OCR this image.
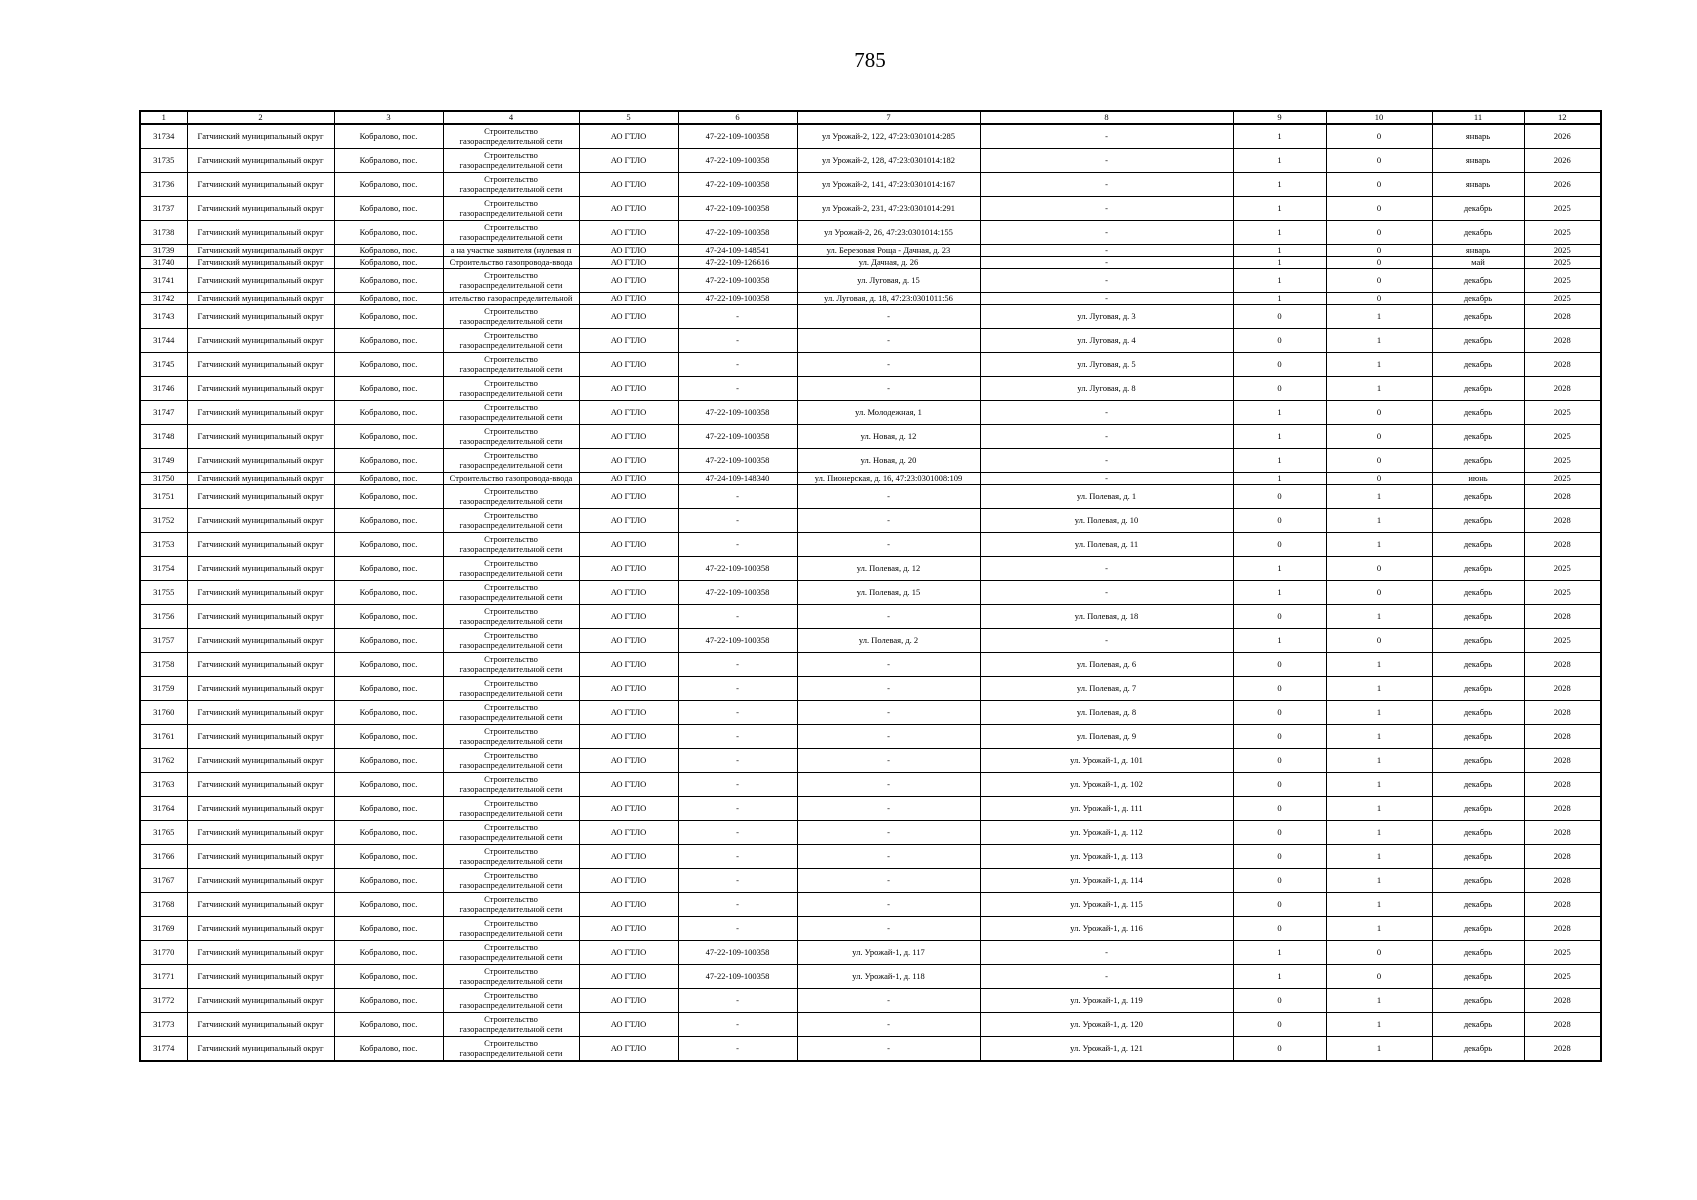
785
1	2	3	4	5	6	7	8	9	10	11	12
31734	Гатчинский муниципальный округ	Кобралово, пос.	Строительство газораспределительной сети	АО ГТЛО	47-22-109-100358	ул Урожай-2, 122, 47:23:0301014:285	-	1	0	январь	2026
31735	Гатчинский муниципальный округ	Кобралово, пос.	Строительство газораспределительной сети	АО ГТЛО	47-22-109-100358	ул Урожай-2, 128, 47:23:0301014:182	-	1	0	январь	2026
31736	Гатчинский муниципальный округ	Кобралово, пос.	Строительство газораспределительной сети	АО ГТЛО	47-22-109-100358	ул Урожай-2, 141, 47:23:0301014:167	-	1	0	январь	2026
31737	Гатчинский муниципальный округ	Кобралово, пос.	Строительство газораспределительной сети	АО ГТЛО	47-22-109-100358	ул Урожай-2, 231, 47:23:0301014:291	-	1	0	декабрь	2025
31738	Гатчинский муниципальный округ	Кобралово, пос.	Строительство газораспределительной сети	АО ГТЛО	47-22-109-100358	ул Урожай-2, 26, 47:23:0301014:155	-	1	0	декабрь	2025
31739	Гатчинский муниципальный округ	Кобралово, пос.	а на участке заявителя (нулевая п	АО ГТЛО	47-24-109-148541	ул. Березовая Роща - Дачная, д. 23	-	1	0	январь	2025
31740	Гатчинский муниципальный округ	Кобралово, пос.	Строительство газопровода-ввода	АО ГТЛО	47-22-109-126616	ул. Дачная, д. 26	-	1	0	май	2025
31741	Гатчинский муниципальный округ	Кобралово, пос.	Строительство газораспределительной сети	АО ГТЛО	47-22-109-100358	ул. Луговая, д. 15	-	1	0	декабрь	2025
31742	Гатчинский муниципальный округ	Кобралово, пос.	ительство газораспределительной	АО ГТЛО	47-22-109-100358	ул. Луговая, д. 18, 47:23:0301011:56	-	1	0	декабрь	2025
31743	Гатчинский муниципальный округ	Кобралово, пос.	Строительство газораспределительной сети	АО ГТЛО	-	-	ул. Луговая, д. 3	0	1	декабрь	2028
31744	Гатчинский муниципальный округ	Кобралово, пос.	Строительство газораспределительной сети	АО ГТЛО	-	-	ул. Луговая, д. 4	0	1	декабрь	2028
31745	Гатчинский муниципальный округ	Кобралово, пос.	Строительство газораспределительной сети	АО ГТЛО	-	-	ул. Луговая, д. 5	0	1	декабрь	2028
31746	Гатчинский муниципальный округ	Кобралово, пос.	Строительство газораспределительной сети	АО ГТЛО	-	-	ул. Луговая, д. 8	0	1	декабрь	2028
31747	Гатчинский муниципальный округ	Кобралово, пос.	Строительство газораспределительной сети	АО ГТЛО	47-22-109-100358	ул. Молодежная, 1	-	1	0	декабрь	2025
31748	Гатчинский муниципальный округ	Кобралово, пос.	Строительство газораспределительной сети	АО ГТЛО	47-22-109-100358	ул. Новая, д. 12	-	1	0	декабрь	2025
31749	Гатчинский муниципальный округ	Кобралово, пос.	Строительство газораспределительной сети	АО ГТЛО	47-22-109-100358	ул. Новая, д. 20	-	1	0	декабрь	2025
31750	Гатчинский муниципальный округ	Кобралово, пос.	Строительство газопровода-ввода	АО ГТЛО	47-24-109-148340	ул. Пионерская, д. 16, 47:23:0301008:109	-	1	0	июнь	2025
31751	Гатчинский муниципальный округ	Кобралово, пос.	Строительство газораспределительной сети	АО ГТЛО	-	-	ул. Полевая, д. 1	0	1	декабрь	2028
31752	Гатчинский муниципальный округ	Кобралово, пос.	Строительство газораспределительной сети	АО ГТЛО	-	-	ул. Полевая, д. 10	0	1	декабрь	2028
31753	Гатчинский муниципальный округ	Кобралово, пос.	Строительство газораспределительной сети	АО ГТЛО	-	-	ул. Полевая, д. 11	0	1	декабрь	2028
31754	Гатчинский муниципальный округ	Кобралово, пос.	Строительство газораспределительной сети	АО ГТЛО	47-22-109-100358	ул. Полевая, д. 12	-	1	0	декабрь	2025
31755	Гатчинский муниципальный округ	Кобралово, пос.	Строительство газораспределительной сети	АО ГТЛО	47-22-109-100358	ул. Полевая, д. 15	-	1	0	декабрь	2025
31756	Гатчинский муниципальный округ	Кобралово, пос.	Строительство газораспределительной сети	АО ГТЛО	-	-	ул. Полевая, д. 18	0	1	декабрь	2028
31757	Гатчинский муниципальный округ	Кобралово, пос.	Строительство газораспределительной сети	АО ГТЛО	47-22-109-100358	ул. Полевая, д. 2	-	1	0	декабрь	2025
31758	Гатчинский муниципальный округ	Кобралово, пос.	Строительство газораспределительной сети	АО ГТЛО	-	-	ул. Полевая, д. 6	0	1	декабрь	2028
31759	Гатчинский муниципальный округ	Кобралово, пос.	Строительство газораспределительной сети	АО ГТЛО	-	-	ул. Полевая, д. 7	0	1	декабрь	2028
31760	Гатчинский муниципальный округ	Кобралово, пос.	Строительство газораспределительной сети	АО ГТЛО	-	-	ул. Полевая, д. 8	0	1	декабрь	2028
31761	Гатчинский муниципальный округ	Кобралово, пос.	Строительство газораспределительной сети	АО ГТЛО	-	-	ул. Полевая, д. 9	0	1	декабрь	2028
31762	Гатчинский муниципальный округ	Кобралово, пос.	Строительство газораспределительной сети	АО ГТЛО	-	-	ул. Урожай-1, д. 101	0	1	декабрь	2028
31763	Гатчинский муниципальный округ	Кобралово, пос.	Строительство газораспределительной сети	АО ГТЛО	-	-	ул. Урожай-1, д. 102	0	1	декабрь	2028
31764	Гатчинский муниципальный округ	Кобралово, пос.	Строительство газораспределительной сети	АО ГТЛО	-	-	ул. Урожай-1, д. 111	0	1	декабрь	2028
31765	Гатчинский муниципальный округ	Кобралово, пос.	Строительство газораспределительной сети	АО ГТЛО	-	-	ул. Урожай-1, д. 112	0	1	декабрь	2028
31766	Гатчинский муниципальный округ	Кобралово, пос.	Строительство газораспределительной сети	АО ГТЛО	-	-	ул. Урожай-1, д. 113	0	1	декабрь	2028
31767	Гатчинский муниципальный округ	Кобралово, пос.	Строительство газораспределительной сети	АО ГТЛО	-	-	ул. Урожай-1, д. 114	0	1	декабрь	2028
31768	Гатчинский муниципальный округ	Кобралово, пос.	Строительство газораспределительной сети	АО ГТЛО	-	-	ул. Урожай-1, д. 115	0	1	декабрь	2028
31769	Гатчинский муниципальный округ	Кобралово, пос.	Строительство газораспределительной сети	АО ГТЛО	-	-	ул. Урожай-1, д. 116	0	1	декабрь	2028
31770	Гатчинский муниципальный округ	Кобралово, пос.	Строительство газораспределительной сети	АО ГТЛО	47-22-109-100358	ул. Урожай-1, д. 117	-	1	0	декабрь	2025
31771	Гатчинский муниципальный округ	Кобралово, пос.	Строительство газораспределительной сети	АО ГТЛО	47-22-109-100358	ул. Урожай-1, д. 118	-	1	0	декабрь	2025
31772	Гатчинский муниципальный округ	Кобралово, пос.	Строительство газораспределительной сети	АО ГТЛО	-	-	ул. Урожай-1, д. 119	0	1	декабрь	2028
31773	Гатчинский муниципальный округ	Кобралово, пос.	Строительство газораспределительной сети	АО ГТЛО	-	-	ул. Урожай-1, д. 120	0	1	декабрь	2028
31774	Гатчинский муниципальный округ	Кобралово, пос.	Строительство газораспределительной сети	АО ГТЛО	-	-	ул. Урожай-1, д. 121	0	1	декабрь	2028
